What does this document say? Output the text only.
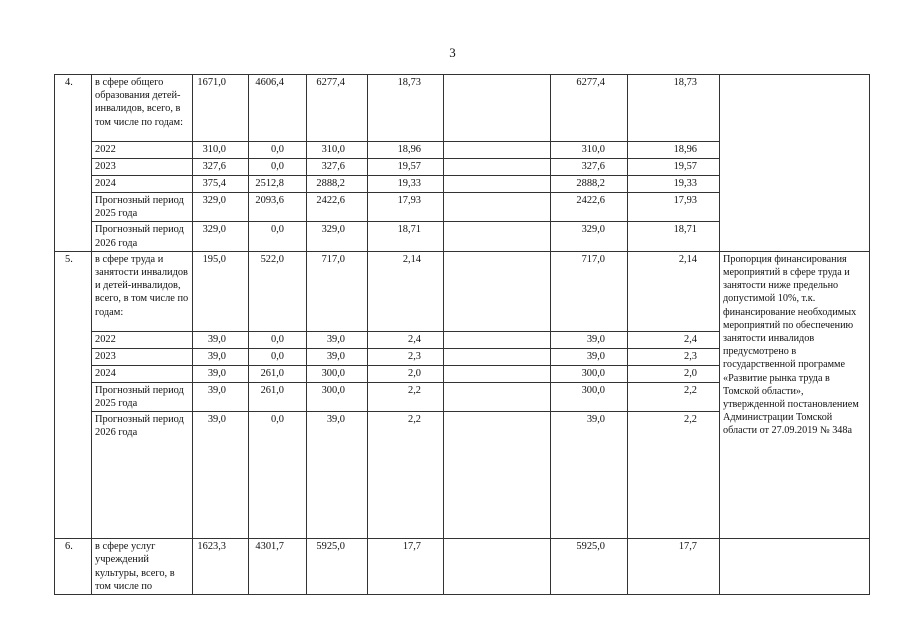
3
4.	в сфере общего образования детей-инвалидов, всего, в том числе по годам:	1671,0	4606,4	6277,4	18,73		6277,4	18,73	
	2022	310,0	0,0	310,0	18,96		310,0	18,96	
	2023	327,6	0,0	327,6	19,57		327,6	19,57	
	2024	375,4	2512,8	2888,2	19,33		2888,2	19,33	
	Прогнозный период 2025 года	329,0	2093,6	2422,6	17,93		2422,6	17,93	
	Прогнозный период 2026 года	329,0	0,0	329,0	18,71		329,0	18,71	
5.	в сфере труда и занятости инвалидов и детей-инвалидов, всего, в том числе по годам:	195,0	522,0	717,0	2,14		717,0	2,14	Пропорция финансирования мероприятий в сфере труда и занятости ниже предельно допустимой 10%, т.к. финансирование необходимых мероприятий по обеспечению занятости инвалидов предусмотрено в государственной программе «Развитие рынка труда в Томской области», утвержденной постановлением Администрации Томской области от 27.09.2019 № 348а
	2022	39,0	0,0	39,0	2,4		39,0	2,4	
	2023	39,0	0,0	39,0	2,3		39,0	2,3	
	2024	39,0	261,0	300,0	2,0		300,0	2,0	
	Прогнозный период 2025 года	39,0	261,0	300,0	2,2		300,0	2,2	
	Прогнозный период 2026 года	39,0	0,0	39,0	2,2		39,0	2,2	
6.	в сфере услуг учреждений культуры, всего, в том числе по	1623,3	4301,7	5925,0	17,7		5925,0	17,7	
